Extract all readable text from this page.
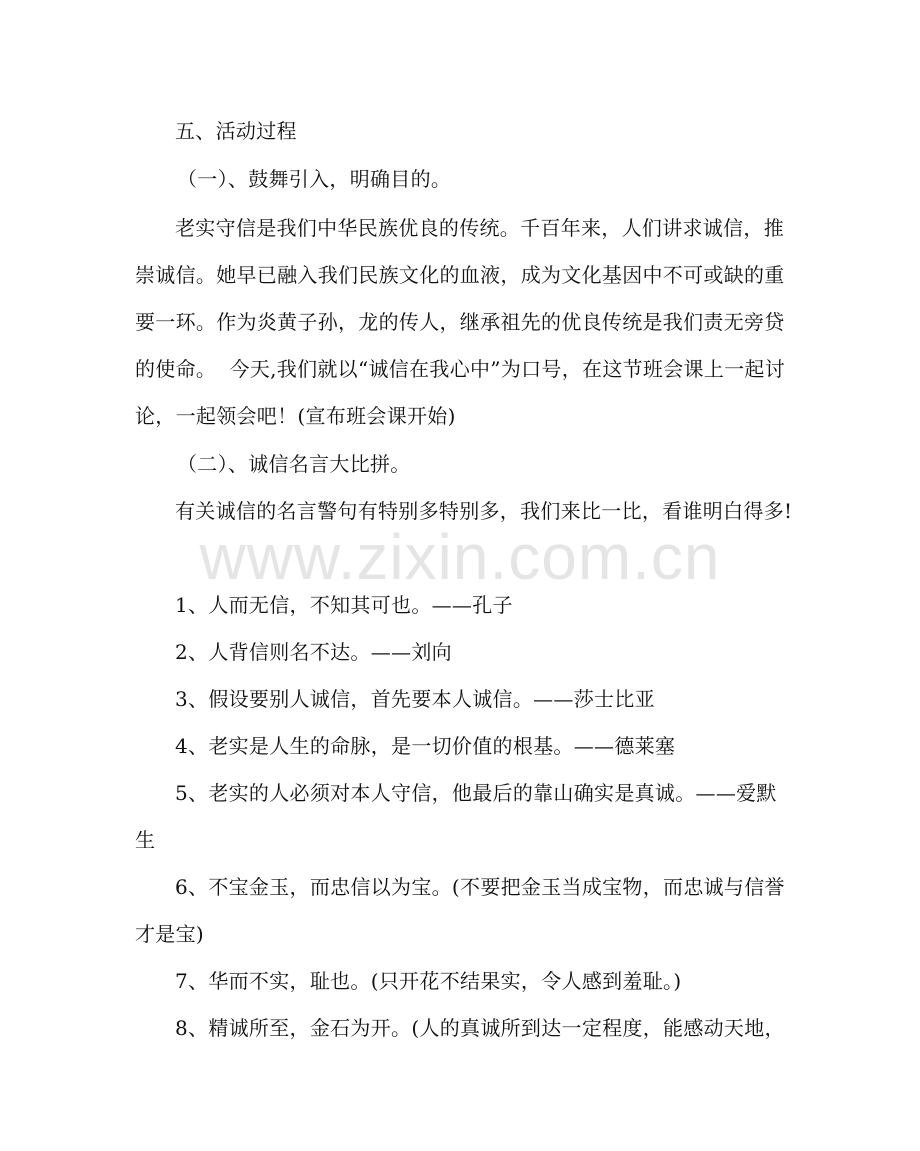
www.zixin.com.cn
五、活动过程
（一）、鼓舞引入，明确目的。
老实守信是我们中华民族优良的传统。千百年来，人们讲求诚信，推崇诚信。她早已融入我们民族文化的血液，成为文化基因中不可或缺的重要一环。作为炎黄子孙，龙的传人，继承祖先的优良传统是我们责无旁贷的使命。  今天,我们就以“诚信在我心中”为口号，在这节班会课上一起讨论，一起领会吧！(宣布班会课开始)
（二）、诚信名言大比拼。
有关诚信的名言警句有特别多特别多，我们来比一比，看谁明白得多!
1、人而无信，不知其可也。——孔子
2、人背信则名不达。——刘向
3、假设要别人诚信，首先要本人诚信。——莎士比亚
4、老实是人生的命脉，是一切价值的根基。——德莱塞
5、老实的人必须对本人守信，他最后的靠山确实是真诚。——爱默生
6、不宝金玉，而忠信以为宝。(不要把金玉当成宝物，而忠诚与信誉才是宝)
7、华而不实，耻也。(只开花不结果实，令人感到羞耻。)
8、精诚所至，金石为开。(人的真诚所到达一定程度，能感动天地，
